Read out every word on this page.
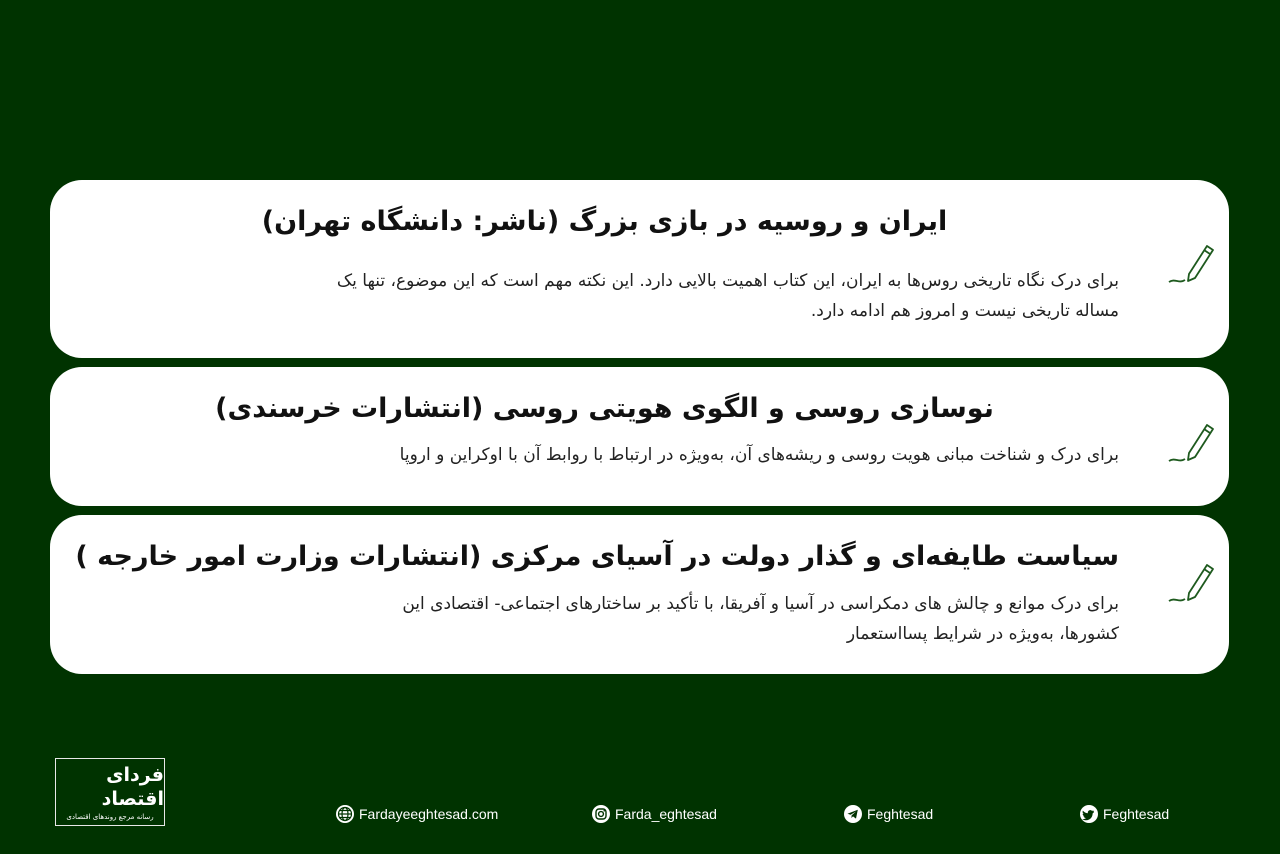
ایران و روسیه در بازی بزرگ (ناشر: دانشگاه تهران)
برای درک نگاه تاریخی روس‌ها به ایران، این کتاب اهمیت بالایی دارد. این نکته مهم است که این موضوع، تنها یک
مساله تاریخی نیست و امروز هم ادامه دارد.
نوسازی روسی و الگوی هویتی روسی (انتشارات خرسندی)
برای درک و شناخت مبانی هویت روسی و ریشه‌های آن، به‌ویژه در ارتباط با روابط آن با اوکراین و اروپا
سیاست طایفه‌ای و گذار دولت در آسیای مرکزی (انتشارات وزارت امور خارجه )
برای درک موانع و چالش های دمکراسی در آسیا و آفریقا، با تأکید بر ساختارهای اجتماعی- اقتصادی این
کشورها، به‌ویژه در شرایط پسااستعمار
فردای اقتصاد
رسانه مرجع روندهای اقتصادی	Fardayeeghtesad.com	Farda_eghtesad	Feghtesad	Feghtesad
